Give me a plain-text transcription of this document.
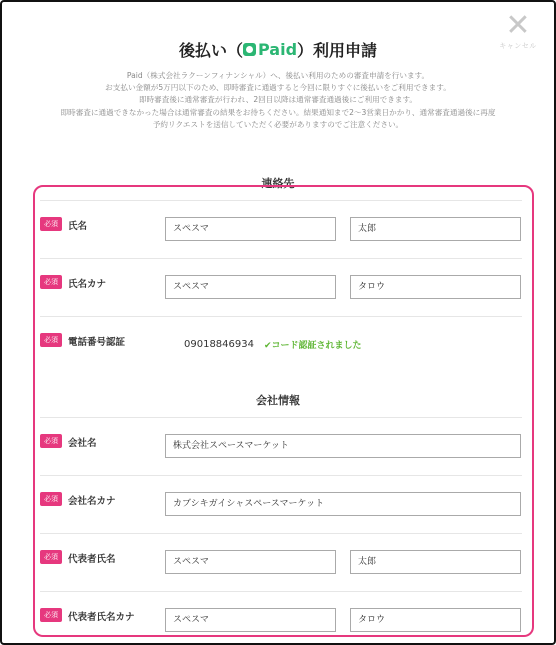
✕
キャンセル
後払い（ Paid ）利用申請
Paid（株式会社ラクーンフィナンシャル）へ、後払い利用のための審査申請を行います。
お支払い金額が5万円以下のため、即時審査に通過すると今回に限りすぐに後払いをご利用できます。
即時審査後に通常審査が行われ、2回目以降は通常審査通過後にご利用できます。
即時審査に通過できなかった場合は通常審査の結果をお待ちください。結果通知まで2〜3営業日かかり、通常審査通過後に再度
予約リクエストを送信していただく必要がありますのでご注意ください。
連絡先
必須	氏名	スペスマ	太郎
必須	氏名カナ	スペスマ	タロウ
必須	電話番号認証	09018846934 ✔コード認証されました
会社情報
必須	会社名	株式会社スペースマーケット
必須	会社名カナ	カブシキガイシャスペースマーケット
必須	代表者氏名	スペスマ	太郎
必須	代表者氏名カナ	スペスマ	タロウ
